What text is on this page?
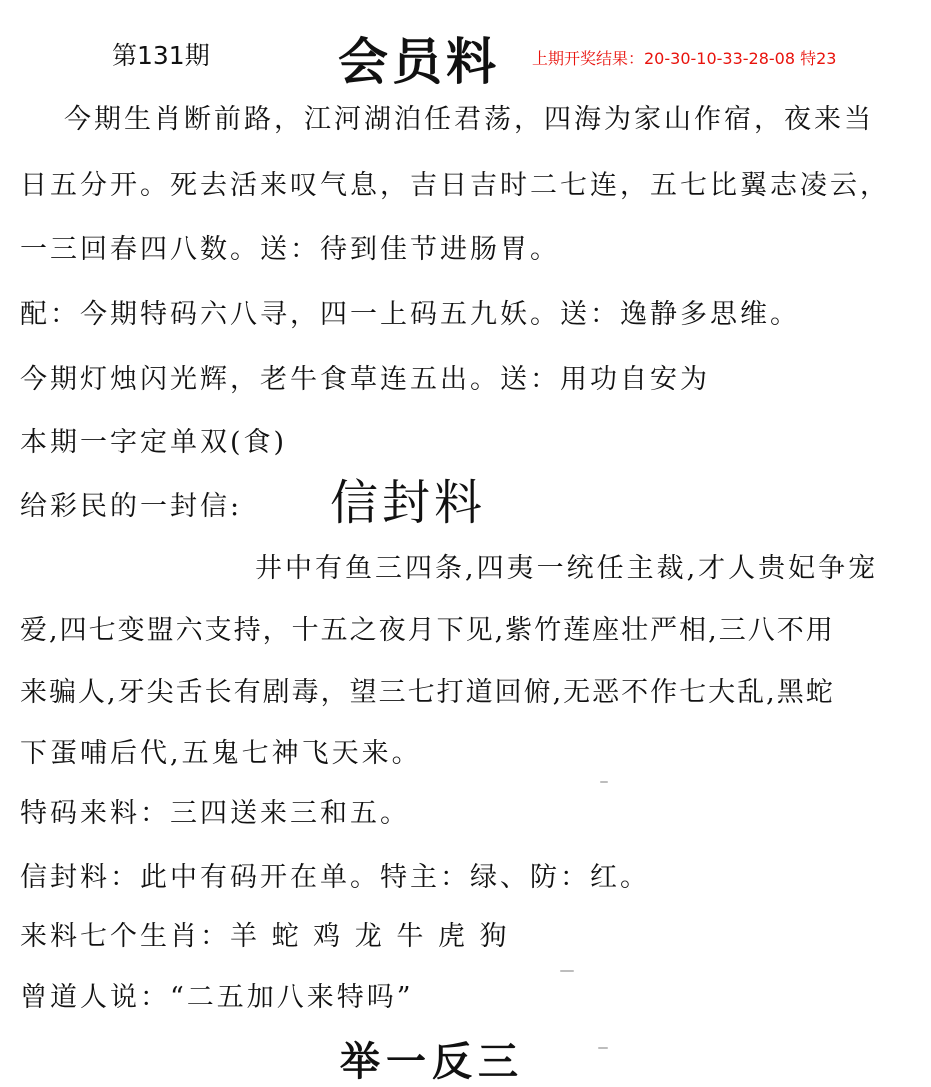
第131期	会员料 上期开奖结果：20-30-10-33-28-08 特23
今期生肖断前路，江河湖泊任君荡，四海为家山作宿，夜来当
日五分开。死去活来叹气息，吉日吉时二七连，五七比翼志凌云，
一三回春四八数。送：待到佳节进肠胃。
配：今期特码六八寻，四一上码五九妖。送：逸静多思维。
今期灯烛闪光辉，老牛食草连五出。送：用功自安为
本期一字定单双(食)
给彩民的一封信: 信封料
井中有鱼三四条,四夷一统任主裁,才人贵妃争宠
爱,四七变盟六支持，十五之夜月下见,紫竹莲座壮严相,三八不用
来骗人,牙尖舌长有剧毒，望三七打道回俯,无恶不作七大乱,黑蛇
下蛋哺后代,五鬼七神飞天来。
特码来料：三四送来三和五。
信封料：此中有码开在单。特主：绿、防：红。
来料七个生肖：羊 蛇 鸡 龙 牛 虎 狗
曾道人说：“二五加八来特吗”
举一反三
